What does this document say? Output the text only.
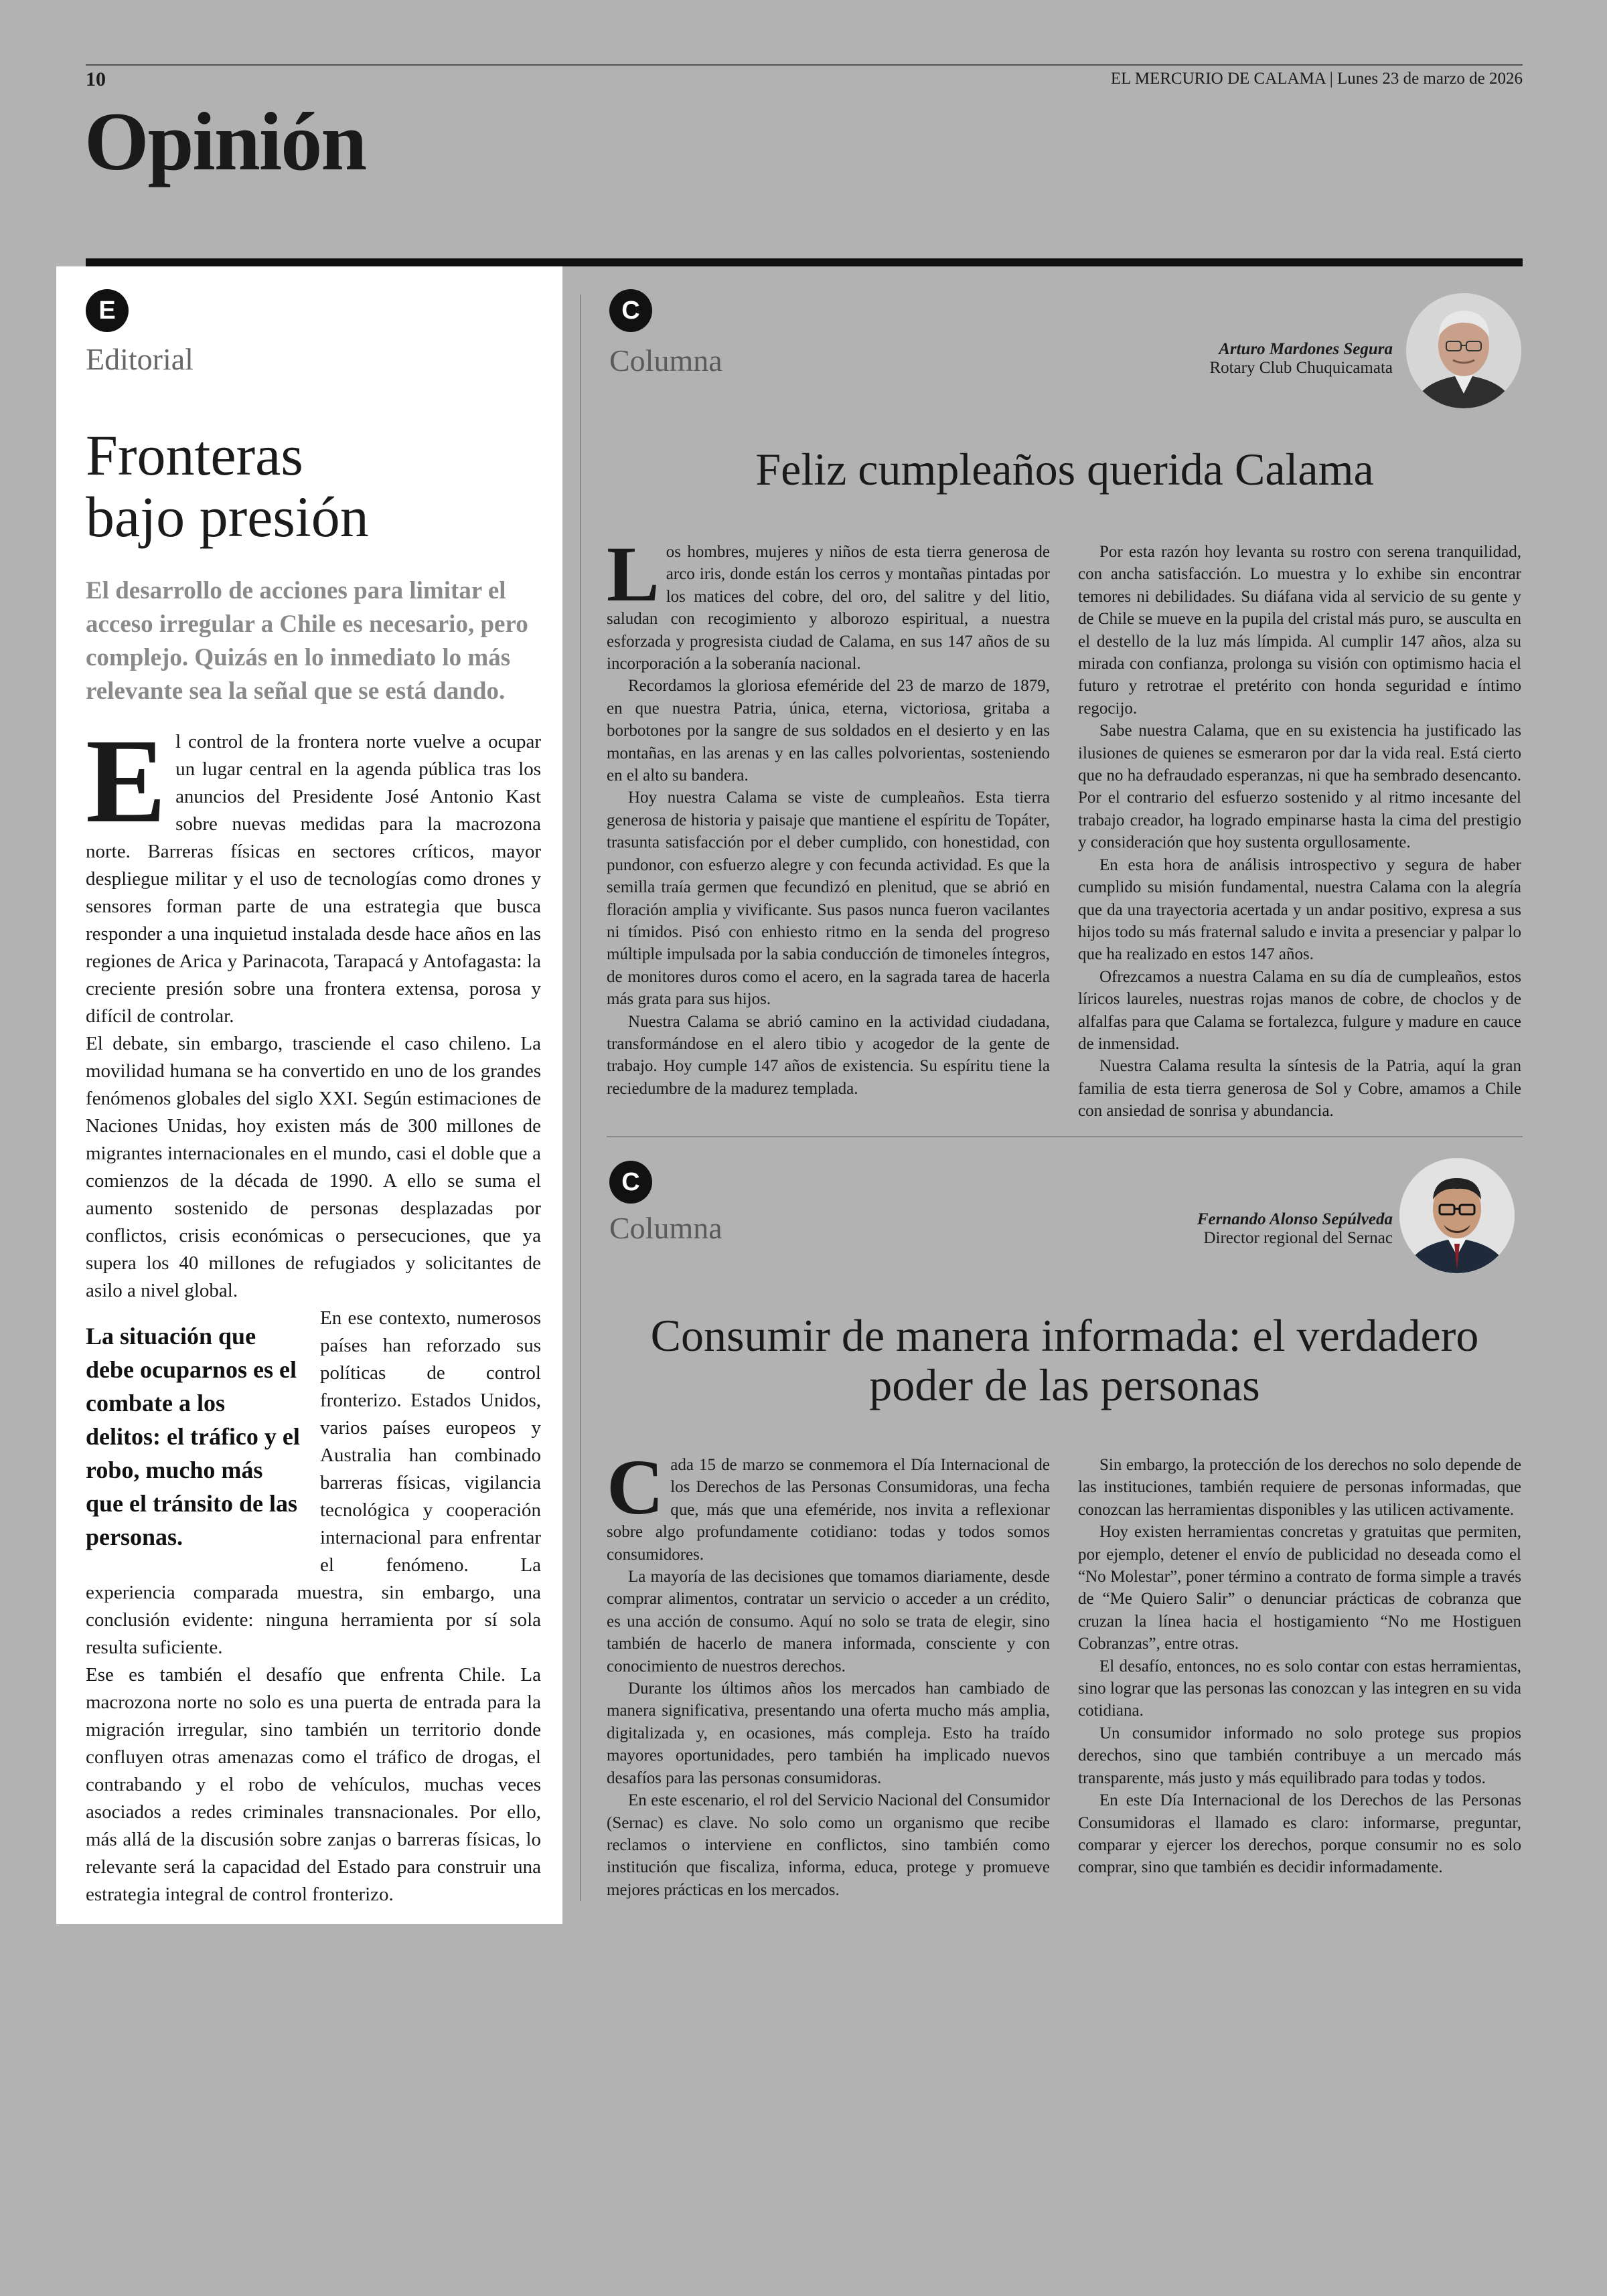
10	EL MERCURIO DE CALAMA | Lunes 23 de marzo de 2026
Opinión
E
Editorial
Fronteras
bajo presión
El desarrollo de acciones para limitar el acceso irregular a Chile es necesario, pero complejo. Quizás en lo inmediato lo más relevante sea la señal que se está dando.
E l control de la frontera norte vuelve a ocupar un lugar central en la agenda pública tras los anuncios del Presidente José Antonio Kast sobre nuevas medidas para la macrozona norte. Barreras físicas en sectores críticos, mayor despliegue militar y el uso de tecnologías como drones y sensores forman parte de una estrategia que busca responder a una inquietud instalada desde hace años en las regiones de Arica y Parinacota, Tarapacá y Antofagasta: la creciente presión sobre una frontera extensa, porosa y difícil de controlar.

El debate, sin embargo, trasciende el caso chileno. La movilidad humana se ha convertido en uno de los grandes fenómenos globales del siglo XXI. Según estimaciones de Naciones Unidas, hoy existen más de 300 millones de migrantes internacionales en el mundo, casi el doble que a comienzos de la década de 1990. A ello se suma el aumento sostenido de personas desplazadas por conflictos, crisis económicas o persecuciones, que ya supera los 40 millones de refugiados y solicitantes de asilo a nivel global.

La situación que debe ocuparnos es el combate a los delitos: el tráfico y el robo, mucho más que el tránsito de las personas.

En ese contexto, numerosos países han reforzado sus políticas de control fronterizo. Estados Unidos, varios países europeos y Australia han combinado barreras físicas, vigilancia tecnológica y cooperación internacional para enfrentar el fenómeno. La experiencia comparada muestra, sin embargo, una conclusión evidente: ninguna herramienta por sí sola resulta suficiente.

Ese es también el desafío que enfrenta Chile. La macrozona norte no solo es una puerta de entrada para la migración irregular, sino también un territorio donde confluyen otras amenazas como el tráfico de drogas, el contrabando y el robo de vehículos, muchas veces asociados a redes criminales transnacionales. Por ello, más allá de la discusión sobre zanjas o barreras físicas, lo relevante será la capacidad del Estado para construir una estrategia integral de control fronterizo.

C
Columna	Arturo Mardones Segura
Rotary Club Chuquicamata
Feliz cumpleaños querida Calama
L os hombres, mujeres y niños de esta tierra generosa de arco iris, donde están los cerros y montañas pintadas por los matices del cobre, del oro, del salitre y del litio, saludan con recogimiento y alborozo espiritual, a nuestra esforzada y progresista ciudad de Calama, en sus 147 años de su incorporación a la soberanía nacional.

Recordamos la gloriosa efeméride del 23 de marzo de 1879, en que nuestra Patria, única, eterna, victoriosa, gritaba a borbotones por la sangre de sus soldados en el desierto y en las montañas, en las arenas y en las calles polvorientas, sosteniendo en el alto su bandera.

Hoy nuestra Calama se viste de cumpleaños. Esta tierra generosa de historia y paisaje que mantiene el espíritu de Topáter, trasunta satisfacción por el deber cumplido, con honestidad, con pundonor, con esfuerzo alegre y con fecunda actividad. Es que la semilla traía germen que fecundizó en plenitud, que se abrió en floración amplia y vivificante. Sus pasos nunca fueron vacilantes ni tímidos. Pisó con enhiesto ritmo en la senda del progreso múltiple impulsada por la sabia conducción de timoneles íntegros, de monitores duros como el acero, en la sagrada tarea de hacerla más grata para sus hijos.

Nuestra Calama se abrió camino en la actividad ciudadana, transformándose en el alero tibio y acogedor de la gente de trabajo. Hoy cumple 147 años de existencia. Su espíritu tiene la reciedumbre de la madurez templada.

Por esta razón hoy levanta su rostro con serena tranquilidad, con ancha satisfacción. Lo muestra y lo exhibe sin encontrar temores ni debilidades. Su diáfana vida al servicio de su gente y de Chile se mueve en la pupila del cristal más puro, se ausculta en el destello de la luz más límpida. Al cumplir 147 años, alza su mirada con confianza, prolonga su visión con optimismo hacia el futuro y retrotrae el pretérito con honda seguridad e íntimo regocijo.

Sabe nuestra Calama, que en su existencia ha justificado las ilusiones de quienes se esmeraron por dar la vida real. Está cierto que no ha defraudado esperanzas, ni que ha sembrado desencanto. Por el contrario del esfuerzo sostenido y al ritmo incesante del trabajo creador, ha logrado empinarse hasta la cima del prestigio y consideración que hoy sustenta orgullosamente.

En esta hora de análisis introspectivo y segura de haber cumplido su misión fundamental, nuestra Calama con la alegría que da una trayectoria acertada y un andar positivo, expresa a sus hijos todo su más fraternal saludo e invita a presenciar y palpar lo que ha realizado en estos 147 años.

Ofrezcamos a nuestra Calama en su día de cumpleaños, estos líricos laureles, nuestras rojas manos de cobre, de choclos y de alfalfas para que Calama se fortalezca, fulgure y madure en cauce de inmensidad.

Nuestra Calama resulta la síntesis de la Patria, aquí la gran familia de esta tierra generosa de Sol y Cobre, amamos a Chile con ansiedad de sonrisa y abundancia.

C
Columna	Fernando Alonso Sepúlveda
Director regional del Sernac
Consumir de manera informada: el verdadero
poder de las personas
C ada 15 de marzo se conmemora el Día Internacional de los Derechos de las Personas Consumidoras, una fecha que, más que una efeméride, nos invita a reflexionar sobre algo profundamente cotidiano: todas y todos somos consumidores.

La mayoría de las decisiones que tomamos diariamente, desde comprar alimentos, contratar un servicio o acceder a un crédito, es una acción de consumo. Aquí no solo se trata de elegir, sino también de hacerlo de manera informada, consciente y con conocimiento de nuestros derechos.

Durante los últimos años los mercados han cambiado de manera significativa, presentando una oferta mucho más amplia, digitalizada y, en ocasiones, más compleja. Esto ha traído mayores oportunidades, pero también ha implicado nuevos desafíos para las personas consumidoras.

En este escenario, el rol del Servicio Nacional del Consumidor (Sernac) es clave. No solo como un organismo que recibe reclamos o interviene en conflictos, sino también como institución que fiscaliza, informa, educa, protege y promueve mejores prácticas en los mercados.

Sin embargo, la protección de los derechos no solo depende de las instituciones, también requiere de personas informadas, que conozcan las herramientas disponibles y las utilicen activamente.

Hoy existen herramientas concretas y gratuitas que permiten, por ejemplo, detener el envío de publicidad no deseada como el “No Molestar”, poner término a contrato de forma simple a través de “Me Quiero Salir” o denunciar prácticas de cobranza que cruzan la línea hacia el hostigamiento “No me Hostiguen Cobranzas”, entre otras.

El desafío, entonces, no es solo contar con estas herramientas, sino lograr que las personas las conozcan y las integren en su vida cotidiana.

Un consumidor informado no solo protege sus propios derechos, sino que también contribuye a un mercado más transparente, más justo y más equilibrado para todas y todos.

En este Día Internacional de los Derechos de las Personas Consumidoras el llamado es claro: informarse, preguntar, comparar y ejercer los derechos, porque consumir no es solo comprar, sino que también es decidir informadamente.
